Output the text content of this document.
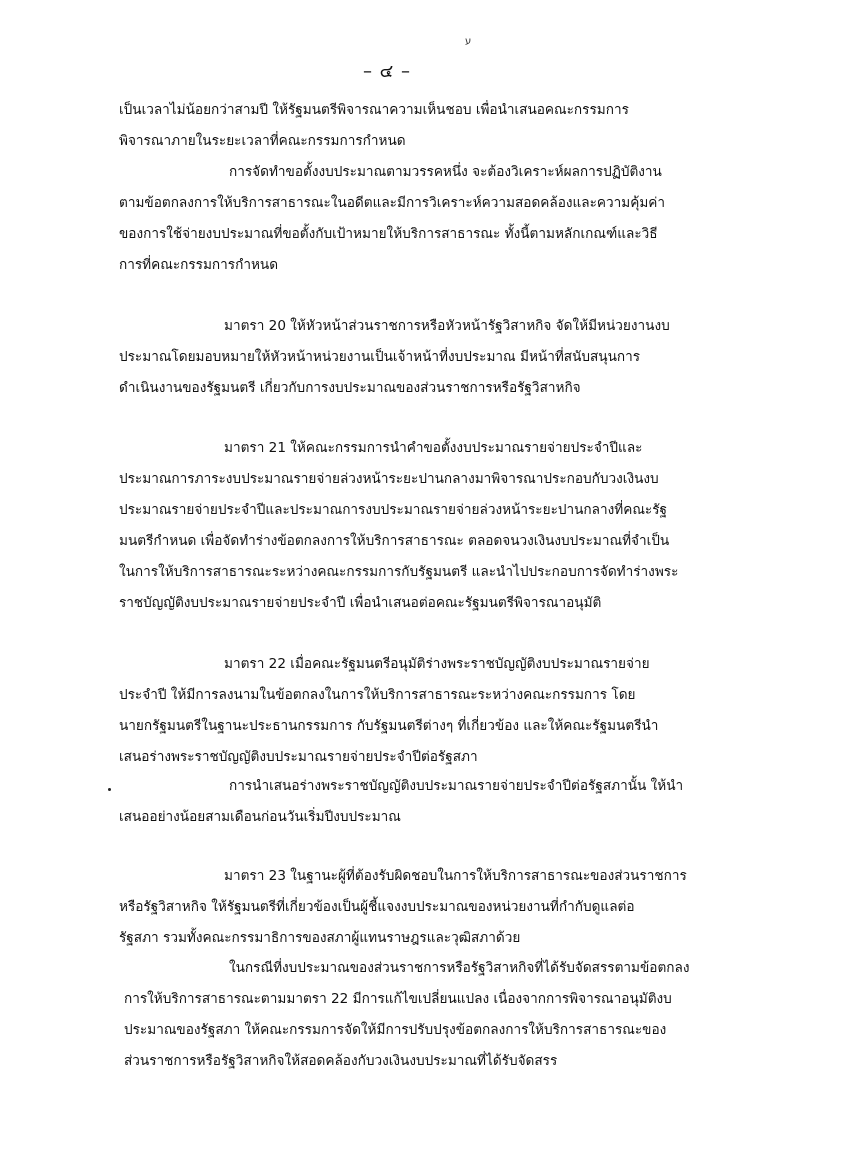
ע
– ๔ –
เป็นเวลาไม่น้อยกว่าสามปี ให้รัฐมนตรีพิจารณาความเห็นชอบ เพื่อนำเสนอคณะกรรมการ
พิจารณาภายในระยะเวลาที่คณะกรรมการกำหนด
การจัดทำขอตั้งงบประมาณตามวรรคหนึ่ง จะต้องวิเคราะห์ผลการปฏิบัติงาน
ตามข้อตกลงการให้บริการสาธารณะในอดีตและมีการวิเคราะห์ความสอดคล้องและความคุ้มค่า
ของการใช้จ่ายงบประมาณที่ขอตั้งกับเป้าหมายให้บริการสาธารณะ ทั้งนี้ตามหลักเกณฑ์และวิธี
การที่คณะกรรมการกำหนด
มาตรา 20 ให้หัวหน้าส่วนราชการหรือหัวหน้ารัฐวิสาหกิจ จัดให้มีหน่วยงานงบ
ประมาณโดยมอบหมายให้หัวหน้าหน่วยงานเป็นเจ้าหน้าที่งบประมาณ มีหน้าที่สนับสนุนการ
ดำเนินงานของรัฐมนตรี เกี่ยวกับการงบประมาณของส่วนราชการหรือรัฐวิสาหกิจ
มาตรา 21 ให้คณะกรรมการนำคำขอตั้งงบประมาณรายจ่ายประจำปีและ
ประมาณการภาระงบประมาณรายจ่ายล่วงหน้าระยะปานกลางมาพิจารณาประกอบกับวงเงินงบ
ประมาณรายจ่ายประจำปีและประมาณการงบประมาณรายจ่ายล่วงหน้าระยะปานกลางที่คณะรัฐ
มนตรีกำหนด เพื่อจัดทำร่างข้อตกลงการให้บริการสาธารณะ ตลอดจนวงเงินงบประมาณที่จำเป็น
ในการให้บริการสาธารณะระหว่างคณะกรรมการกับรัฐมนตรี และนำไปประกอบการจัดทำร่างพระ
ราชบัญญัติงบประมาณรายจ่ายประจำปี เพื่อนำเสนอต่อคณะรัฐมนตรีพิจารณาอนุมัติ
มาตรา 22 เมื่อคณะรัฐมนตรีอนุมัติร่างพระราชบัญญัติงบประมาณรายจ่าย
ประจำปี ให้มีการลงนามในข้อตกลงในการให้บริการสาธารณะระหว่างคณะกรรมการ โดย
นายกรัฐมนตรีในฐานะประธานกรรมการ กับรัฐมนตรีต่างๆ ที่เกี่ยวข้อง และให้คณะรัฐมนตรีนำ
เสนอร่างพระราชบัญญัติงบประมาณรายจ่ายประจำปีต่อรัฐสภา
การนำเสนอร่างพระราชบัญญัติงบประมาณรายจ่ายประจำปีต่อรัฐสภานั้น ให้นำ
เสนออย่างน้อยสามเดือนก่อนวันเริ่มปีงบประมาณ
มาตรา 23 ในฐานะผู้ที่ต้องรับผิดชอบในการให้บริการสาธารณะของส่วนราชการ
หรือรัฐวิสาหกิจ ให้รัฐมนตรีที่เกี่ยวข้องเป็นผู้ชี้แจงงบประมาณของหน่วยงานที่กำกับดูแลต่อ
รัฐสภา รวมทั้งคณะกรรมาธิการของสภาผู้แทนราษฎรและวุฒิสภาด้วย
ในกรณีที่งบประมาณของส่วนราชการหรือรัฐวิสาหกิจที่ได้รับจัดสรรตามข้อตกลง
การให้บริการสาธารณะตามมาตรา 22 มีการแก้ไขเปลี่ยนแปลง เนื่องจากการพิจารณาอนุมัติงบ
ประมาณของรัฐสภา ให้คณะกรรมการจัดให้มีการปรับปรุงข้อตกลงการให้บริการสาธารณะของ
ส่วนราชการหรือรัฐวิสาหกิจให้สอดคล้องกับวงเงินงบประมาณที่ได้รับจัดสรร
